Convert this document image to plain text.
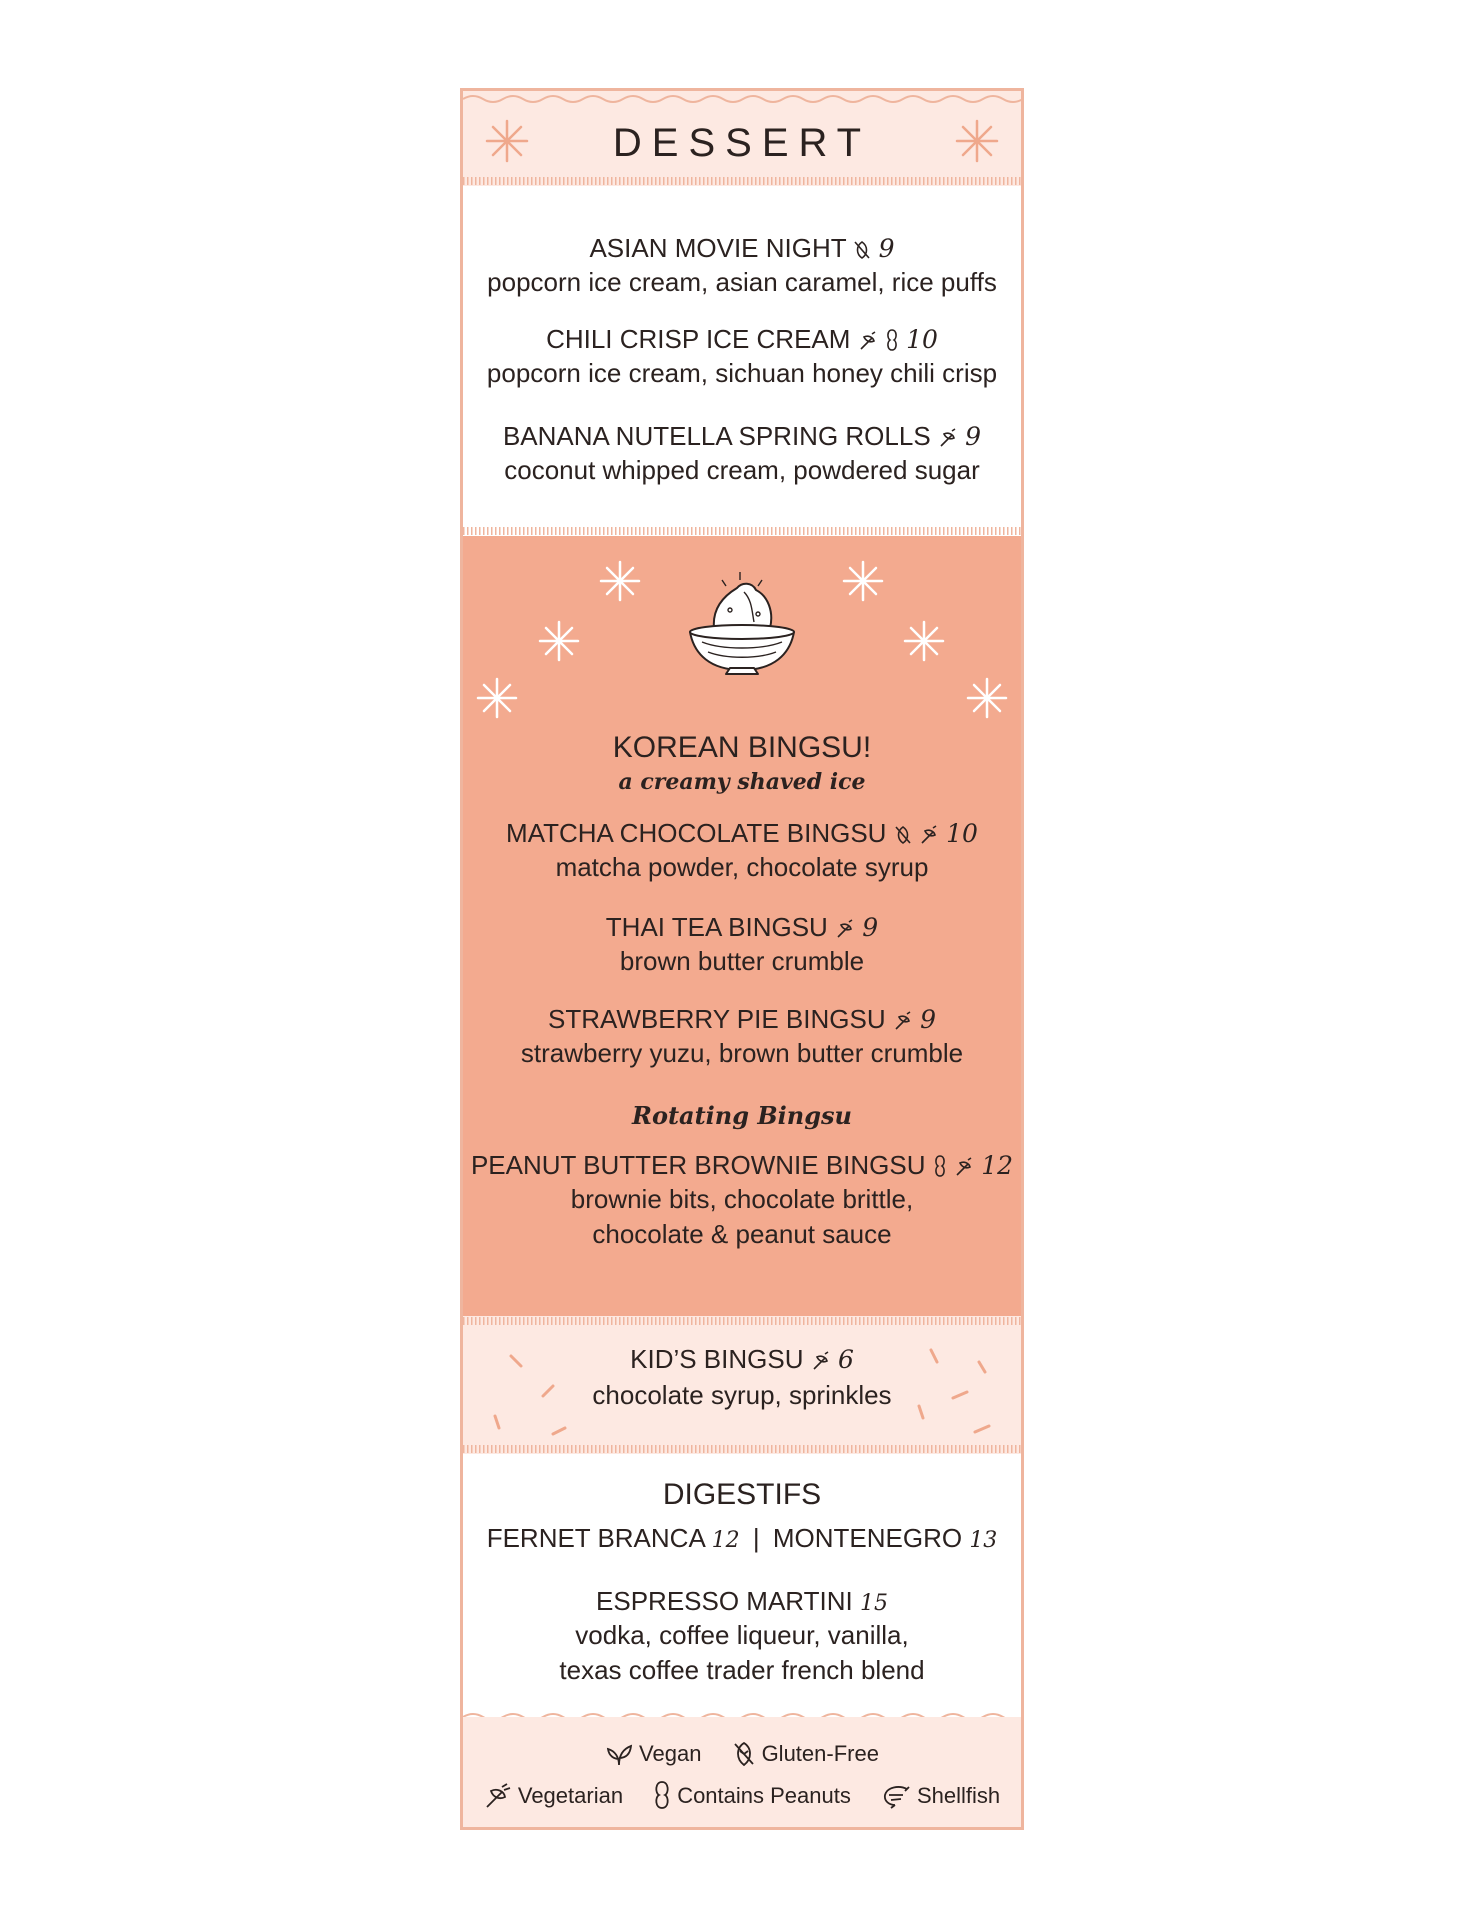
DESSERT
ASIAN MOVIE NIGHT 9
popcorn ice cream, asian caramel, rice puffs
CHILI CRISP ICE CREAM 10
popcorn ice cream, sichuan honey chili crisp
BANANA NUTELLA SPRING ROLLS 9
coconut whipped cream, powdered sugar
KOREAN BINGSU!
a creamy shaved ice
MATCHA CHOCOLATE BINGSU 10
matcha powder, chocolate syrup
THAI TEA BINGSU 9
brown butter crumble
STRAWBERRY PIE BINGSU 9
strawberry yuzu, brown butter crumble
Rotating Bingsu
PEANUT BUTTER BROWNIE BINGSU 12
brownie bits, chocolate brittle,
chocolate & peanut sauce
KID’S BINGSU 6
chocolate syrup, sprinkles
DIGESTIFS
FERNET BRANCA 12 | MONTENEGRO 13
ESPRESSO MARTINI 15
vodka, coffee liqueur, vanilla,
texas coffee trader french blend
Vegan	Gluten-Free
Vegetarian Contains Peanuts	Shellfish
